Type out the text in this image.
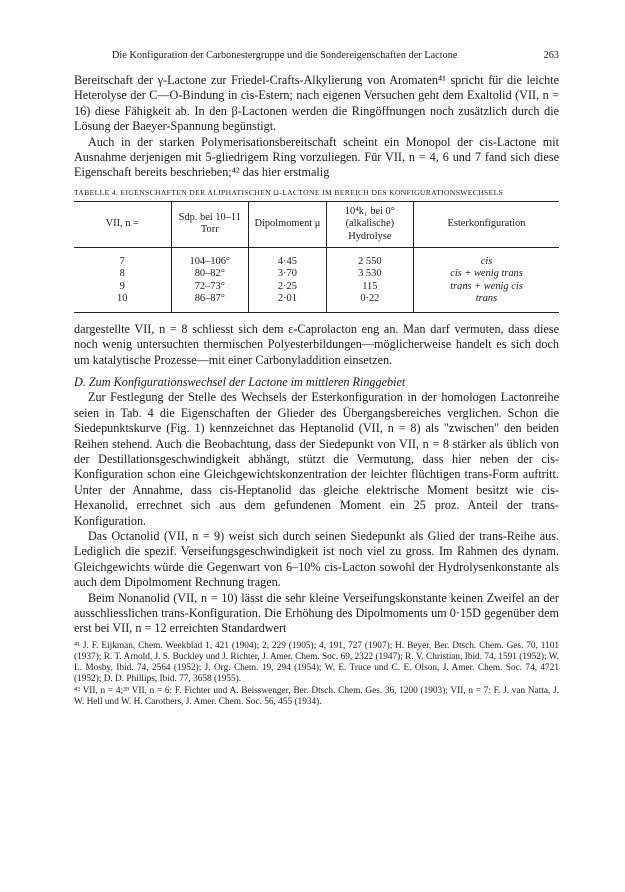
Die Konfiguration der Carbonestergruppe und die Sondereigenschaften der Lactone	263

Bereitschaft der γ-Lactone zur Friedel-Crafts-Alkylierung von Aromaten⁴¹ spricht für die leichte Heterolyse der C—O-Bindung in cis-Estern; nach eigenen Versuchen geht dem Exaltolid (VII, n = 16) diese Fähigkeit ab. In den β-Lactonen werden die Ringöffnungen noch zusätzlich durch die Lösung der Baeyer-Spannung begünstigt.

Auch in der starken Polymerisationsbereitschaft scheint ein Monopol der cis-Lactone mit Ausnahme derjenigen mit 5-gliedrigem Ring vorzuliegen. Für VII, n = 4, 6 und 7 fand sich diese Eigenschaft bereits beschrieben;⁴² das hier erstmalig

TABELLE 4. EIGENSCHAFTEN DER ALIPHATISCHEN Ω-LACTONE IM BEREICH DES KONFIGURATIONSWECHSELS
VII, n =	Sdp. bei 10–11 Torr	Dipolmoment μ	10⁴k₁ bei 0° (alkalische) Hydrolyse	Esterkonfiguration
7	104–106°	4·45	2 550	cis
8	80–82°	3·70	3 530	cis + wenig trans
9	72–73°	2·25	115	trans + wenig cis
10	86–87°	2·01	0·22	trans

dargestellte VII, n = 8 schliesst sich dem ε-Caprolacton eng an. Man darf vermuten, dass diese noch wenig untersuchten thermischen Polyesterbildungen—möglicherweise handelt es sich doch um katalytische Prozesse—mit einer Carbonyladdition einsetzen.

D. Zum Konfigurationswechsel der Lactone im mittleren Ringgebiet

Zur Festlegung der Stelle des Wechsels der Esterkonfiguration in der homologen Lactonreihe seien in Tab. 4 die Eigenschaften der Glieder des Übergangsbereiches verglichen. Schon die Siedepunktskurve (Fig. 1) kennzeichnet das Heptanolid (VII, n = 8) als "zwischen" den beiden Reihen stehend. Auch die Beobachtung, dass der Siedepunkt von VII, n = 8 stärker als üblich von der Destillationsgeschwindigkeit abhängt, stützt die Vermutung, dass hier neben der cis-Konfiguration schon eine Gleichgewichtskonzentration der leichter flüchtigen trans-Form auftritt. Unter der Annahme, dass cis-Heptanolid das gleiche elektrische Moment besitzt wie cis-Hexanolid, errechnet sich aus dem gefundenen Moment ein 25 proz. Anteil der trans-Konfiguration.

Das Octanolid (VII, n = 9) weist sich durch seinen Siedepunkt als Glied der trans-Reihe aus. Lediglich die spezif. Verseifungsgeschwindigkeit ist noch viel zu gross. Im Rahmen des dynam. Gleichgewichts würde die Gegenwart von 6–10% cis-Lacton sowohl der Hydrolysenkonstante als auch dem Dipolmoment Rechnung tragen.

Beim Nonanolid (VII, n = 10) lässt die sehr kleine Verseifungskonstante keinen Zweifel an der ausschliesslichen trans-Konfiguration. Die Erhöhung des Dipolmoments um 0·15D gegenüber dem erst bei VII, n = 12 erreichten Standardwert

⁴¹ J. F. Eijkman, Chem. Weekblad 1, 421 (1904); 2, 229 (1905); 4, 191, 727 (1907); H. Beyer, Ber. Dtsch. Chem. Ges. 70, 1101 (1937); R. T. Arnold, J. S. Buckley und J. Richter, J. Amer. Chem. Soc. 69, 2322 (1947); R. V. Christian, Ibid. 74, 1591 (1952); W. L. Mosby, Ibid. 74, 2564 (1952); J. Org. Chem. 19, 294 (1954); W. E. Truce und C. E. Olson, J. Amer. Chem. Soc. 74, 4721 (1952); D. D. Phillips, Ibid. 77, 3658 (1955).

⁴² VII, n = 4;³⁹ VII, n = 6: F. Fichter und A. Beisswenger, Ber. Dtsch. Chem. Ges. 36, 1200 (1903); VII, n = 7: F. J. van Natta, J. W. Hell und W. H. Carothers, J. Amer. Chem. Soc. 56, 455 (1934).
